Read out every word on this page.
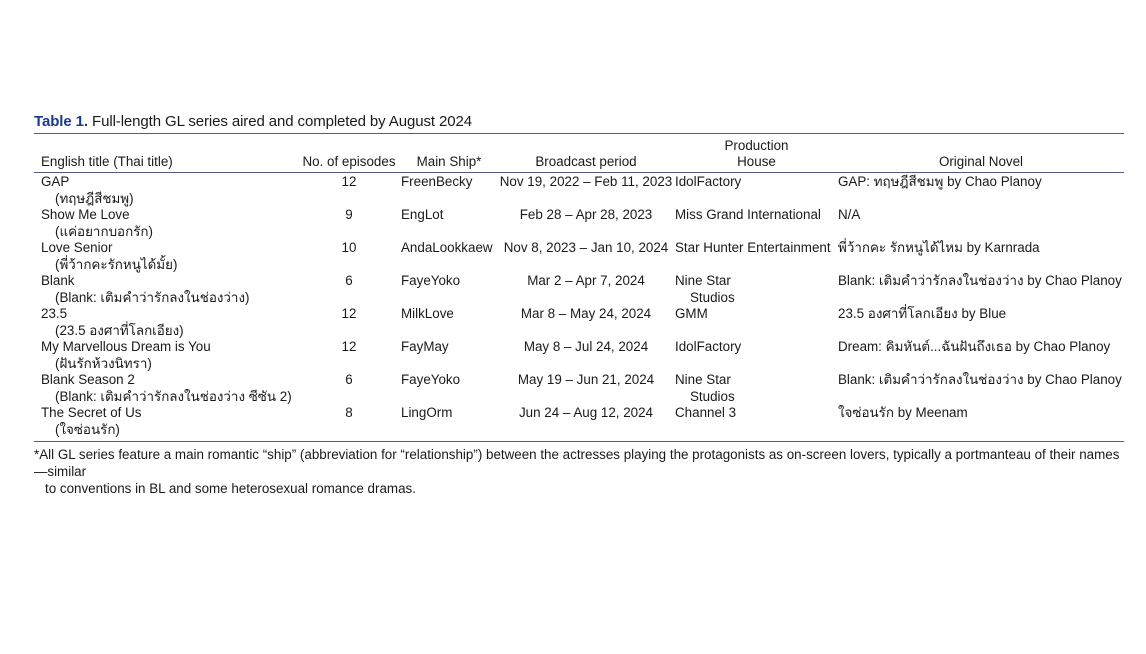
Table 1. Full-length GL series aired and completed by August 2024
English title (Thai title)	No. of episodes	Main Ship*	Broadcast period	Production
House	Original Novel
GAP
(ทฤษฎีสีชมพู)	12	FreenBecky	Nov 19, 2022 – Feb 11, 2023	IdolFactory	GAP: ทฤษฎีสีชมพู by Chao Planoy
Show Me Love
(แค่อยากบอกรัก)	9	EngLot	Feb 28 – Apr 28, 2023	Miss Grand International	N/A
Love Senior
(พี่ว้ากคะรักหนูได้มั้ย)	10	AndaLookkaew	Nov 8, 2023 – Jan 10, 2024	Star Hunter Entertainment	พี่ว้ากคะ รักหนูได้ไหม by Karnrada
Blank
(Blank: เติมคำว่ารักลงในช่องว่าง)	6	FayeYoko	Mar 2 – Apr 7, 2024	Nine Star
Studios	Blank: เติมคำว่ารักลงในช่องว่าง by Chao Planoy
23.5
(23.5 องศาที่โลกเอียง)	12	MilkLove	Mar 8 – May 24, 2024	GMM	23.5 องศาที่โลกเอียง by Blue
My Marvellous Dream is You
(ฝันรักห้วงนิทรา)	12	FayMay	May 8 – Jul 24, 2024	IdolFactory	Dream: คิมหันต์...ฉันฝันถึงเธอ by Chao Planoy
Blank Season 2
(Blank: เติมคำว่ารักลงในช่องว่าง ซีซัน 2)	6	FayeYoko	May 19 – Jun 21, 2024	Nine Star
Studios	Blank: เติมคำว่ารักลงในช่องว่าง by Chao Planoy
The Secret of Us
(ใจซ่อนรัก)	8	LingOrm	Jun 24 – Aug 12, 2024	Channel 3	ใจซ่อนรัก by Meenam
*All GL series feature a main romantic “ship” (abbreviation for “relationship”) between the actresses playing the protagonists as on-screen lovers, typically a portmanteau of their names—similar
to conventions in BL and some heterosexual romance dramas.
